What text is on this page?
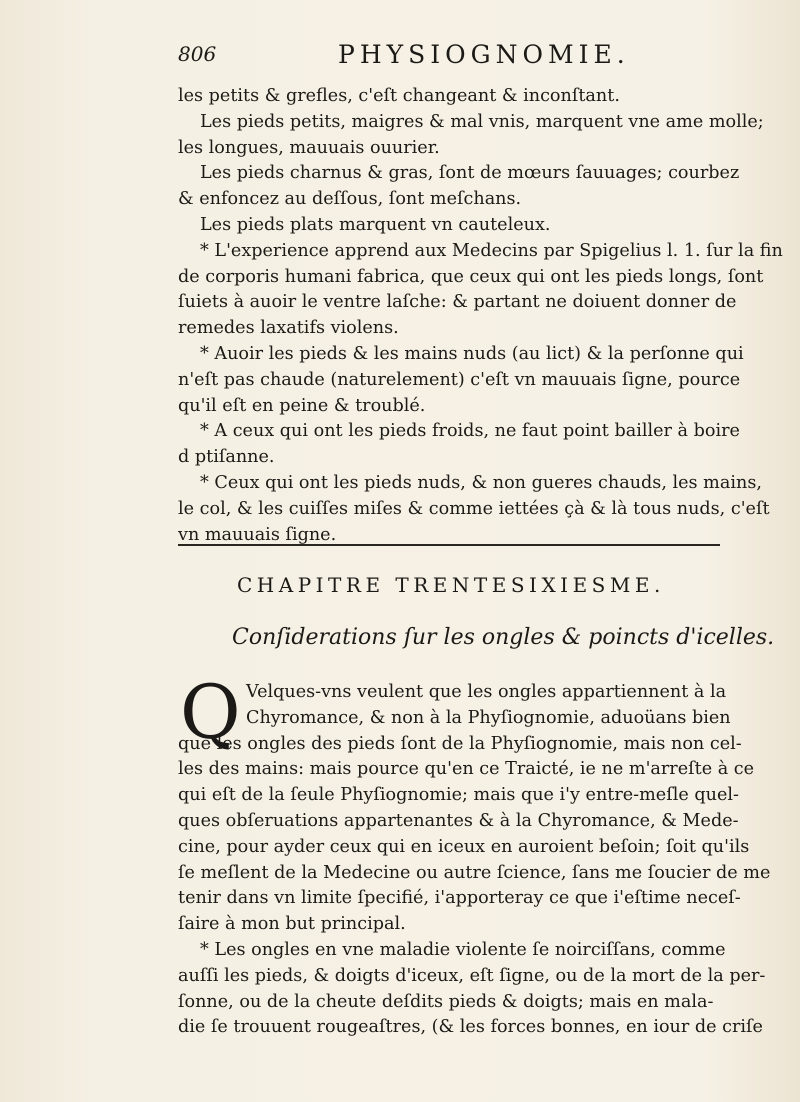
806	PHYSIOGNOMIE.

les petits & grefles, c'eſt changeant & inconſtant.

Les pieds petits, maigres & mal vnis, marquent vne ame molle;

les longues, mauuais ouurier.

Les pieds charnus & gras, ſont de mœurs ſauuages; courbez

& enfoncez au deſſous, ſont meſchans.

Les pieds plats marquent vn cauteleux.

* L'experience apprend aux Medecins par Spigelius l. 1. ſur la fin

de corporis humani fabrica, que ceux qui ont les pieds longs, ſont

ſuiets à auoir le ventre laſche: & partant ne doiuent donner de

remedes laxatifs violens.

* Auoir les pieds & les mains nuds (au lict) & la perſonne qui

n'eſt pas chaude (naturelement) c'eſt vn mauuais ſigne, pource

qu'il eſt en peine & troublé.

* A ceux qui ont les pieds froids, ne faut point bailler à boire

d ptiſanne.

* Ceux qui ont les pieds nuds, & non gueres chauds, les mains,

le col, & les cuiſſes miſes & comme iettées çà & là tous nuds, c'eſt

vn mauuais ſigne.

CHAPITRE TRENTESIXIESME.
Conſiderations ſur les ongles & poincts d'icelles.
Q Velques-vns veulent que les ongles appartiennent à la

Chyromance, & non à la Phyſiognomie, aduoüans bien

que les ongles des pieds ſont de la Phyſiognomie, mais non cel-

les des mains: mais pource qu'en ce Traicté, ie ne m'arreſte à ce

qui eſt de la ſeule Phyſiognomie; mais que i'y entre-meſle quel-

ques obſeruations appartenantes & à la Chyromance, & Mede-

cine, pour ayder ceux qui en iceux en auroient beſoin; ſoit qu'ils

ſe meſlent de la Medecine ou autre ſcience, ſans me ſoucier de me

tenir dans vn limite ſpecifié, i'apporteray ce que i'eſtime neceſ-

ſaire à mon but principal.

* Les ongles en vne maladie violente ſe noirciſſans, comme

auſſi les pieds, & doigts d'iceux, eſt ſigne, ou de la mort de la per-

ſonne, ou de la cheute deſdits pieds & doigts; mais en mala-

die ſe trouuent rougeaſtres, (& les forces bonnes, en iour de criſe
